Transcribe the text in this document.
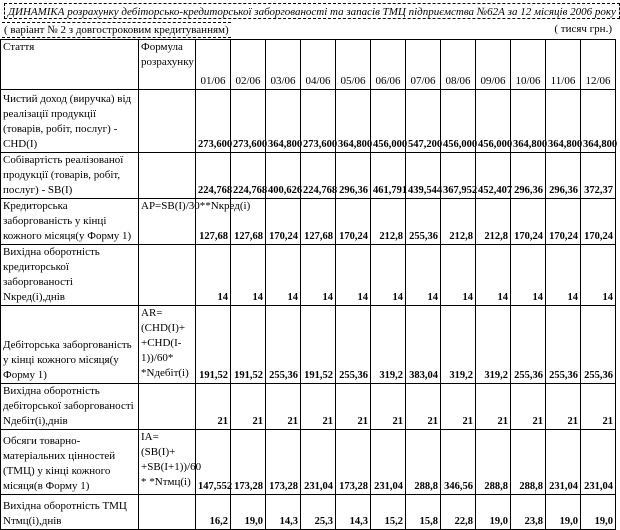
ДИНАМІКА розрахунку дебіторсько-кредиторської заборгованості та запасів ТМЦ підприємства №62А за 12 місяців 2006 року
( варіант № 2 з довгостроковим кредитуванням)	( тисяч грн.)
Стаття	Формула розрахунку	01/06	02/06	03/06	04/06	05/06	06/06	07/06	08/06	09/06	10/06	11/06	12/06
Чистий доход (виручка) від реалізації продукції (товарів, робіт, послуг) - CHD(I)		273,600	273,600	364,800	273,600	364,800	456,000	547,200	456,000	456,000	364,800	364,800	364,800
Собівартість реалізованої продукції (товарів, робіт, послуг) - SB(I)		224,768	224,768	400,626	224,768	296,36	461,791	439,544	367,952	452,407	296,36	296,36	372,37
Кредиторська заборгованість у кінці кожного місяця(у Форму 1)	AP=SB(I)/30**Nкред(і)	127,68	127,68	170,24	127,68	170,24	212,8	255,36	212,8	212,8	170,24	170,24	170,24
Вихідна оборотність кредиторської заборгованості Nкред(і),днів		14	14	14	14	14	14	14	14	14	14	14	14
Дебіторська заборгованість у кінці кожного місяця(у Форму 1)	AR=(CHD(I)+ +CHD(I-1))/60* *Nдебіт(і)	191,52	191,52	255,36	191,52	255,36	319,2	383,04	319,2	319,2	255,36	255,36	255,36
Вихідна оборотність дебіторської заборгованості Nдебіт(і),днів		21	21	21	21	21	21	21	21	21	21	21	21
Обсяги товарно-матеріальних цінностей (ТМЦ) у кінці кожного місяця(в Форму 1)	IA=(SB(I)+ +SB(I+1))/60 * *Nтмц(і)	147,552	173,28	173,28	231,04	173,28	231,04	288,8	346,56	288,8	288,8	231,04	231,04
Вихідна оборотність ТМЦ Nтмц(і),днів		16,2	19,0	14,3	25,3	14,3	15,2	15,8	22,8	19,0	23,8	19,0	19,0
